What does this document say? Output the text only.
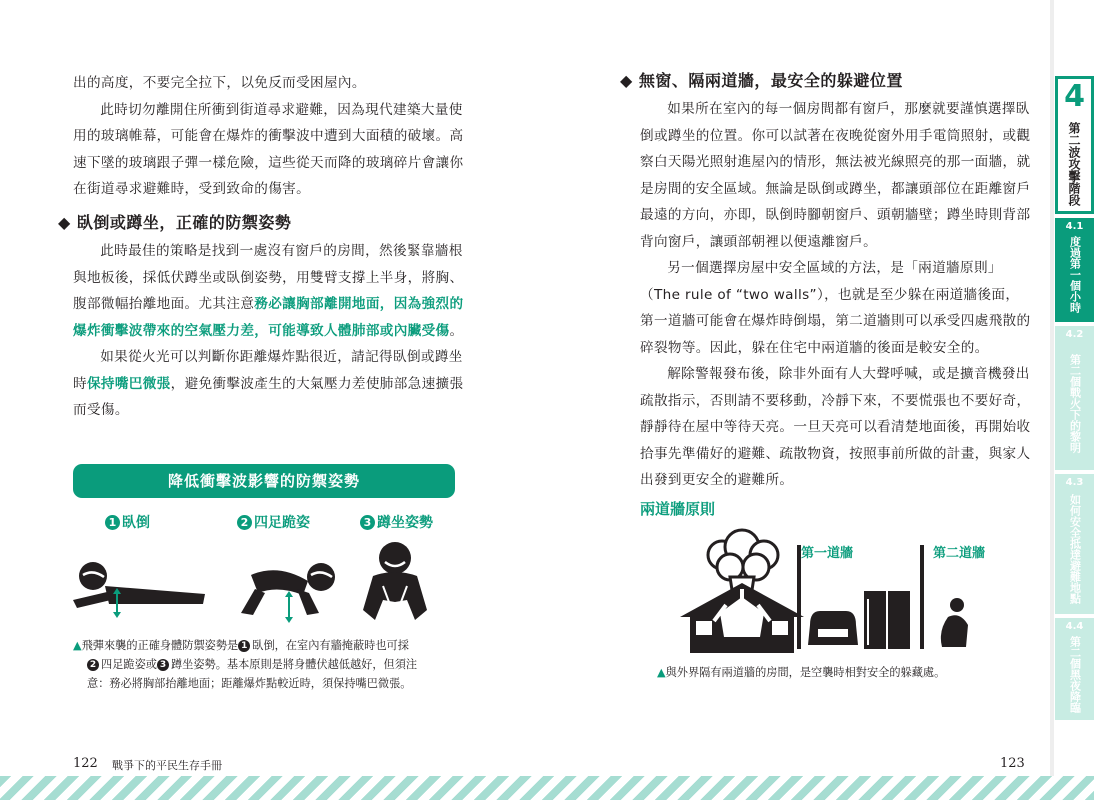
出的高度，不要完全拉下，以免反而受困屋內。

此時切勿離開住所衝到街道尋求避難，因為現代建築大量使用的玻璃帷幕，可能會在爆炸的衝擊波中遭到大面積的破壞。高速下墜的玻璃跟子彈一樣危險，這些從天而降的玻璃碎片會讓你在街道尋求避難時，受到致命的傷害。

◆ 臥倒或蹲坐，正確的防禦姿勢

此時最佳的策略是找到一處沒有窗戶的房間，然後緊靠牆根與地板後，採低伏蹲坐或臥倒姿勢，用雙臂支撐上半身，將胸、腹部微幅抬離地面。尤其注意務必讓胸部離開地面，因為強烈的爆炸衝擊波帶來的空氣壓力差，可能導致人體肺部或內臟受傷。

如果從火光可以判斷你距離爆炸點很近，請記得臥倒或蹲坐時保持嘴巴微張，避免衝擊波產生的大氣壓力差使肺部急速擴張而受傷。

降低衝擊波影響的防禦姿勢
1 臥倒	2 四足跪姿	3 蹲坐姿勢
▲飛彈來襲的正確身體防禦姿勢是 1 臥倒，在室內有牆掩蔽時也可採
2 四足跪姿或 3 蹲坐姿勢。基本原則是將身體伏越低越好，但須注
意：務必將胸部抬離地面；距離爆炸點較近時，須保持嘴巴微張。
122 戰爭下的平民生存手冊
◆ 無窗、隔兩道牆，最安全的躲避位置

如果所在室內的每一個房間都有窗戶，那麼就要謹慎選擇臥倒或蹲坐的位置。你可以試著在夜晚從窗外用手電筒照射，或觀察白天陽光照射進屋內的情形，無法被光線照亮的那一面牆，就是房間的安全區域。無論是臥倒或蹲坐，都讓頭部位在距離窗戶最遠的方向，亦即，臥倒時腳朝窗戶、頭朝牆壁；蹲坐時則背部背向窗戶，讓頭部朝裡以便遠離窗戶。

另一個選擇房屋中安全區域的方法，是「兩道牆原則」（The rule of “two walls”），也就是至少躲在兩道牆後面，第一道牆可能會在爆炸時倒塌，第二道牆則可以承受四處飛散的碎裂物等。因此，躲在住宅中兩道牆的後面是較安全的。

解除警報發布後，除非外面有人大聲呼喊，或是擴音機發出疏散指示，否則請不要移動，冷靜下來，不要慌張也不要好奇，靜靜待在屋中等待天亮。一旦天亮可以看清楚地面後，再開始收拾事先準備好的避難、疏散物資，按照事前所做的計畫，與家人出發到更安全的避難所。

兩道牆原則
第一道牆	第二道牆
▲與外界隔有兩道牆的房間，是空襲時相對安全的躲藏處。
123
4
第二波攻擊階段
4.1
度過第一個小時
4.2
第二個戰火下的黎明
4.3
如何安全抵達避難地點
4.4
第二個黑夜降臨
